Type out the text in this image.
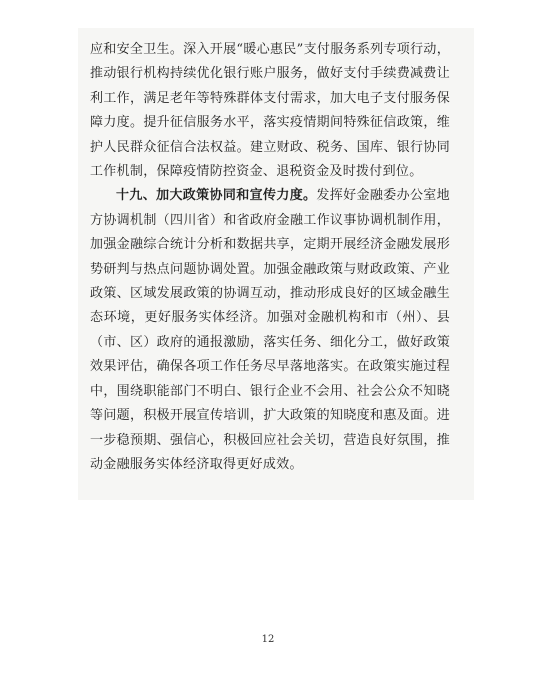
应和安全卫生。深入开展“暖心惠民”支付服务系列专项行动，推动银行机构持续优化银行账户服务，做好支付手续费减费让利工作，满足老年等特殊群体支付需求，加大电子支付服务保障力度。提升征信服务水平，落实疫情期间特殊征信政策，维护人民群众征信合法权益。建立财政、税务、国库、银行协同工作机制，保障疫情防控资金、退税资金及时拨付到位。

十九、加大政策协同和宣传力度。发挥好金融委办公室地方协调机制（四川省）和省政府金融工作议事协调机制作用，加强金融综合统计分析和数据共享，定期开展经济金融发展形势研判与热点问题协调处置。加强金融政策与财政政策、产业政策、区域发展政策的协调互动，推动形成良好的区域金融生态环境，更好服务实体经济。加强对金融机构和市（州）、县（市、区）政府的通报激励，落实任务、细化分工，做好政策效果评估，确保各项工作任务尽早落地落实。在政策实施过程中，围绕职能部门不明白、银行企业不会用、社会公众不知晓等问题，积极开展宣传培训，扩大政策的知晓度和惠及面。进一步稳预期、强信心，积极回应社会关切，营造良好氛围，推动金融服务实体经济取得更好成效。

12
